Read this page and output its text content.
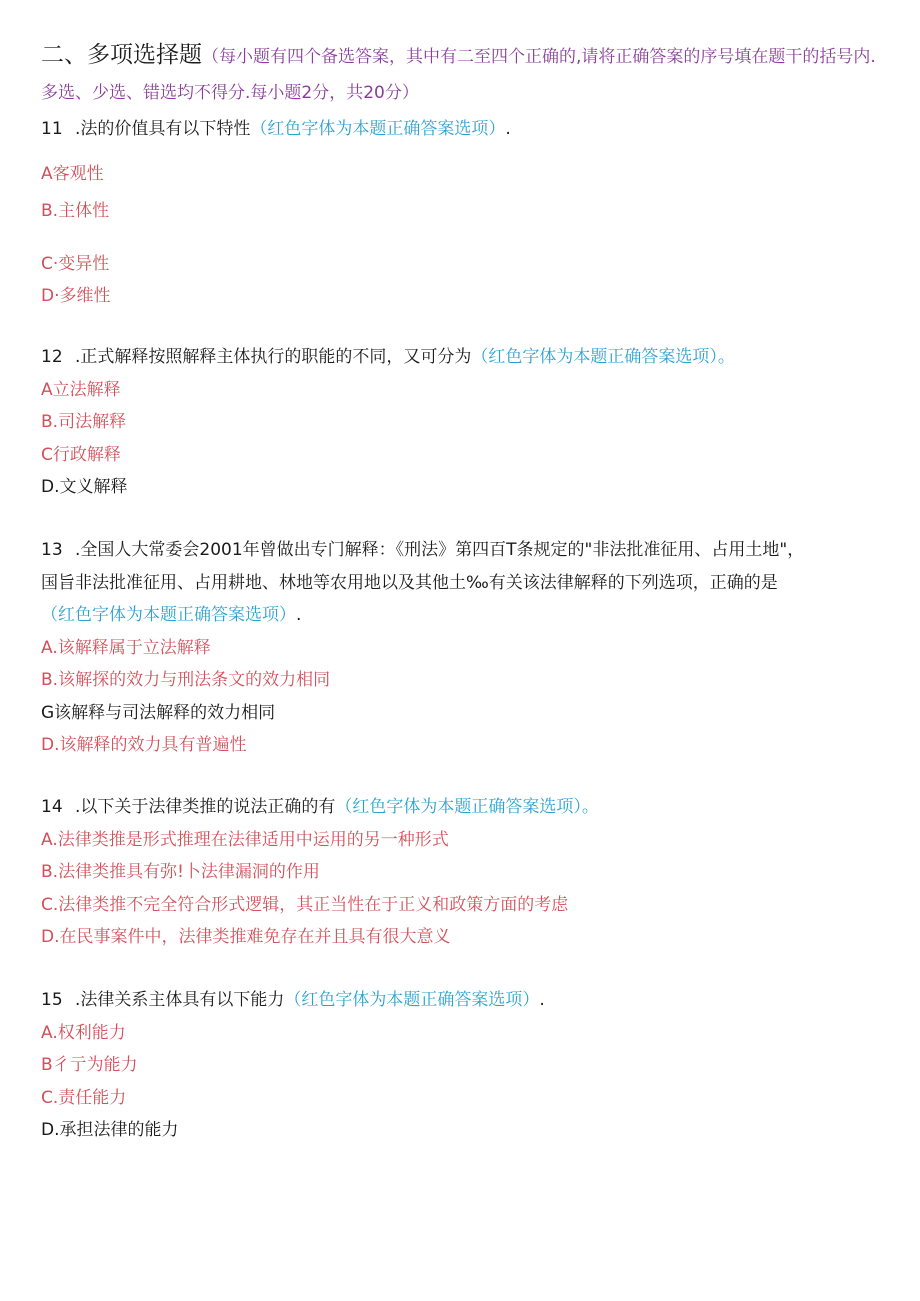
二、多项选择题（每小题有四个备选答案，其中有二至四个正确的,请将正确答案的序号填在题干的括号内.多选、少选、错选均不得分.每小题2分，共20分）
11 .法的价值具有以下特性（红色字体为本题正确答案选项）.
A客观性
B.主体性
C·变异性
D·多维性
12 .正式解释按照解释主体执行的职能的不同，又可分为（红色字体为本题正确答案选项）。
A立法解释
B.司法解释
C行政解释
D.文义解释
13 .全国人大常委会2001年曾做出专门解释：《刑法》第四百T条规定的"非法批准征用、占用土地"，
国旨非法批准征用、占用耕地、林地等农用地以及其他土‰有关该法律解释的下列选项，正确的是
（红色字体为本题正确答案选项）.
A.该解释属于立法解释
B.该解探的效力与刑法条文的效力相同
G该解释与司法解释的效力相同
D.该解释的效力具有普遍性
14 .以下关于法律类推的说法正确的有（红色字体为本题正确答案选项）。
A.法律类推是形式推理在法律适用中运用的另一种形式
B.法律类推具有弥!卜法律漏洞的作用
C.法律类推不完全符合形式逻辑，其正当性在于正义和政策方面的考虑
D.在民事案件中，法律类推难免存在并且具有很大意义
15 .法律关系主体具有以下能力（红色字体为本题正确答案选项）.
A.权利能力
B彳亍为能力
C.责任能力
D.承担法律的能力
